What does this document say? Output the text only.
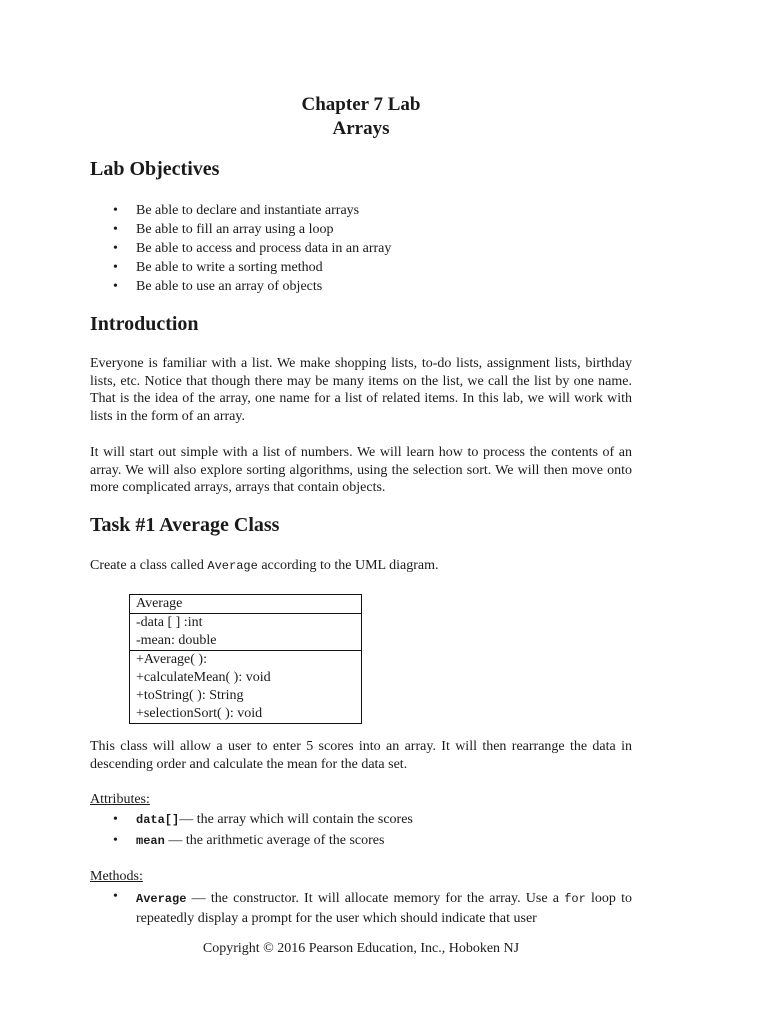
Chapter 7 Lab
Arrays
Lab Objectives
• Be able to declare and instantiate arrays
• Be able to fill an array using a loop
• Be able to access and process data in an array
• Be able to write a sorting method
• Be able to use an array of objects
Introduction

Everyone is familiar with a list. We make shopping lists, to-do lists, assignment lists, birthday lists, etc. Notice that though there may be many items on the list, we call the list by one name. That is the idea of the array, one name for a list of related items. In this lab, we will work with lists in the form of an array.

It will start out simple with a list of numbers. We will learn how to process the contents of an array. We will also explore sorting algorithms, using the selection sort. We will then move onto more complicated arrays, arrays that contain objects.

Task #1 Average Class

Create a class called Average according to the UML diagram.

Average
-data [ ] :int
-mean: double
+Average( ):
+calculateMean( ): void
+toString( ): String
+selectionSort( ): void

This class will allow a user to enter 5 scores into an array. It will then rearrange the data in descending order and calculate the mean for the data set.

Attributes:
• data[]— the array which will contain the scores
• mean — the arithmetic average of the scores
Methods:
• Average — the constructor. It will allocate memory for the array. Use a for loop to repeatedly display a prompt for the user which should indicate that user
Copyright © 2016 Pearson Education, Inc., Hoboken NJ
